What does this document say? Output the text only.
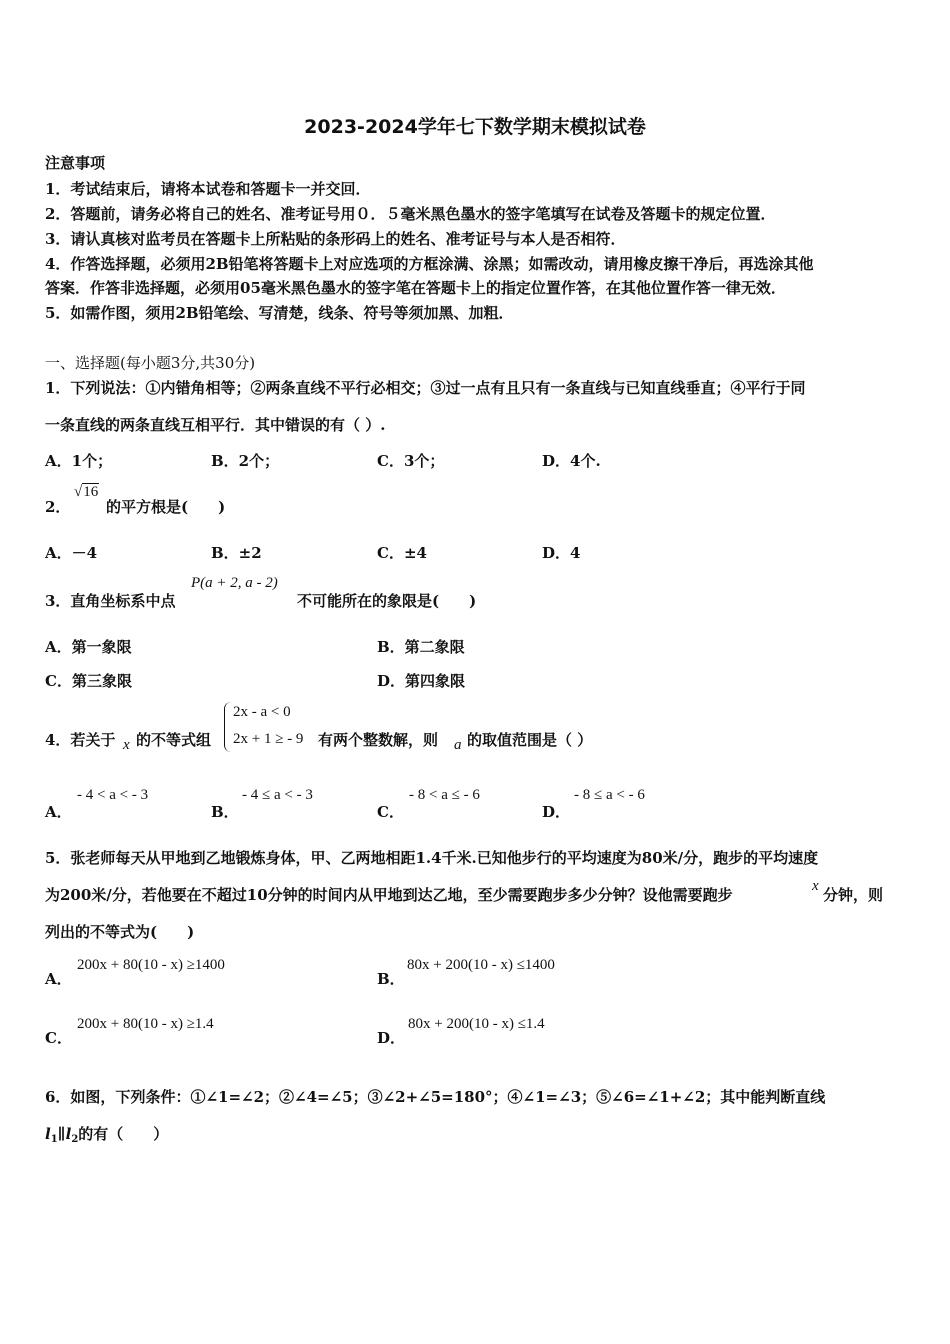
2023-2024学年七下数学期末模拟试卷
注意事项
1．考试结束后，请将本试卷和答题卡一并交回．
2．答题前，请务必将自己的姓名、准考证号用０．５毫米黑色墨水的签字笔填写在试卷及答题卡的规定位置．
3．请认真核对监考员在答题卡上所粘贴的条形码上的姓名、准考证号与本人是否相符．
4．作答选择题，必须用2B铅笔将答题卡上对应选项的方框涂满、涂黑；如需改动，请用橡皮擦干净后，再选涂其他
答案．作答非选择题，必须用05毫米黑色墨水的签字笔在答题卡上的指定位置作答，在其他位置作答一律无效．
5．如需作图，须用2B铅笔绘、写清楚，线条、符号等须加黑、加粗．
一、选择题(每小题3分,共30分)
1．下列说法：①内错角相等；②两条直线不平行必相交；③过一点有且只有一条直线与已知直线垂直；④平行于同
一条直线的两条直线互相平行．其中错误的有（ ）.
A．1个；	B．2个；	C．3个；	D．4个.
2．
√16
的平方根是(　　)
A．－4	B．±2	C．±4	D．4
3．直角坐标系中点
P(a + 2, a - 2)
不可能所在的象限是(　　)
A．第一象限	B．第二象限
C．第三象限	D．第四象限
4．若关于 x 的不等式组
2x - a < 0
2x + 1 ≥ - 9 有两个整数解，则 a 的取值范围是（ ）
A．
- 4 < a < - 3
B．
- 4 ≤ a < - 3
C．
- 8 < a ≤ - 6
D．
- 8 ≤ a < - 6
5．张老师每天从甲地到乙地锻炼身体，甲、乙两地相距1.4千米.已知他步行的平均速度为80米/分，跑步的平均速度
为200米/分，若他要在不超过10分钟的时间内从甲地到达乙地，至少需要跑步多少分钟？设他需要跑步	x 分钟，则
列出的不等式为(　　)
A．
200x + 80(10 - x) ≥1400
B．
80x + 200(10 - x) ≤1400
C．
200x + 80(10 - x) ≥1.4
D．
80x + 200(10 - x) ≤1.4
6．如图，下列条件：①∠1=∠2；②∠4=∠5；③∠2+∠5=180°；④∠1=∠3；⑤∠6=∠1+∠2；其中能判断直线
$l_1\parallel l_2$的有（　　）
